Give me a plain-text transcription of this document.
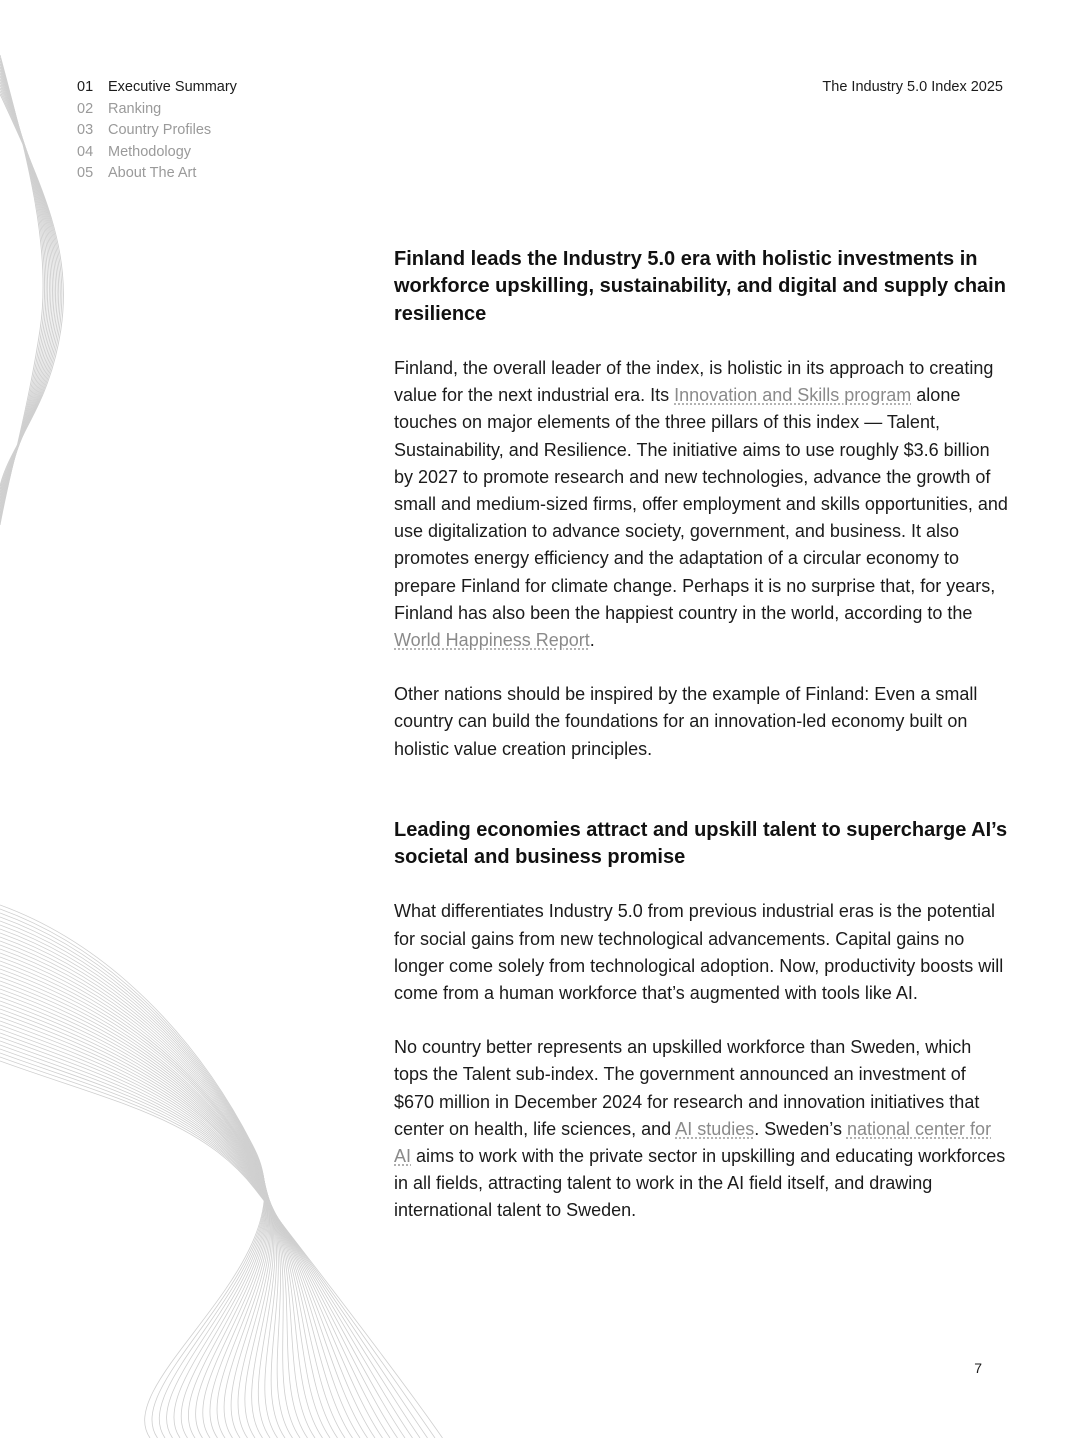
01	Executive Summary
02	Ranking
03	Country Profiles
04	Methodology
05	About The Art
The Industry 5.0 Index 2025
Finland leads the Industry 5.0 era with holistic investments in workforce upskilling, sustainability, and digital and supply chain resilience

Finland, the overall leader of the index, is holistic in its approach to creating value for the next industrial era. Its Innovation and Skills program alone touches on major elements of the three pillars of this index — Talent, Sustainability, and Resilience. The initiative aims to use roughly $3.6 billion by 2027 to promote research and new technologies, advance the growth of small and medium-sized firms, offer employment and skills opportunities, and use digitalization to advance society, government, and business. It also promotes energy efficiency and the adaptation of a circular economy to prepare Finland for climate change. Perhaps it is no surprise that, for years, Finland has also been the happiest country in the world, according to the World Happiness Report.

Other nations should be inspired by the example of Finland: Even a small country can build the foundations for an innovation-led economy built on holistic value creation principles.

Leading economies attract and upskill talent to supercharge AI’s societal and business promise

What differentiates Industry 5.0 from previous industrial eras is the potential for social gains from new technological advancements. Capital gains no longer come solely from technological adoption. Now, productivity boosts will come from a human workforce that’s augmented with tools like AI.

No country better represents an upskilled workforce than Sweden, which tops the Talent sub-index. The government announced an investment of $670 million in December 2024 for research and innovation initiatives that center on health, life sciences, and AI studies. Sweden’s national center for AI aims to work with the private sector in upskilling and educating workforces in all fields, attracting talent to work in the AI field itself, and drawing international talent to Sweden.

7
